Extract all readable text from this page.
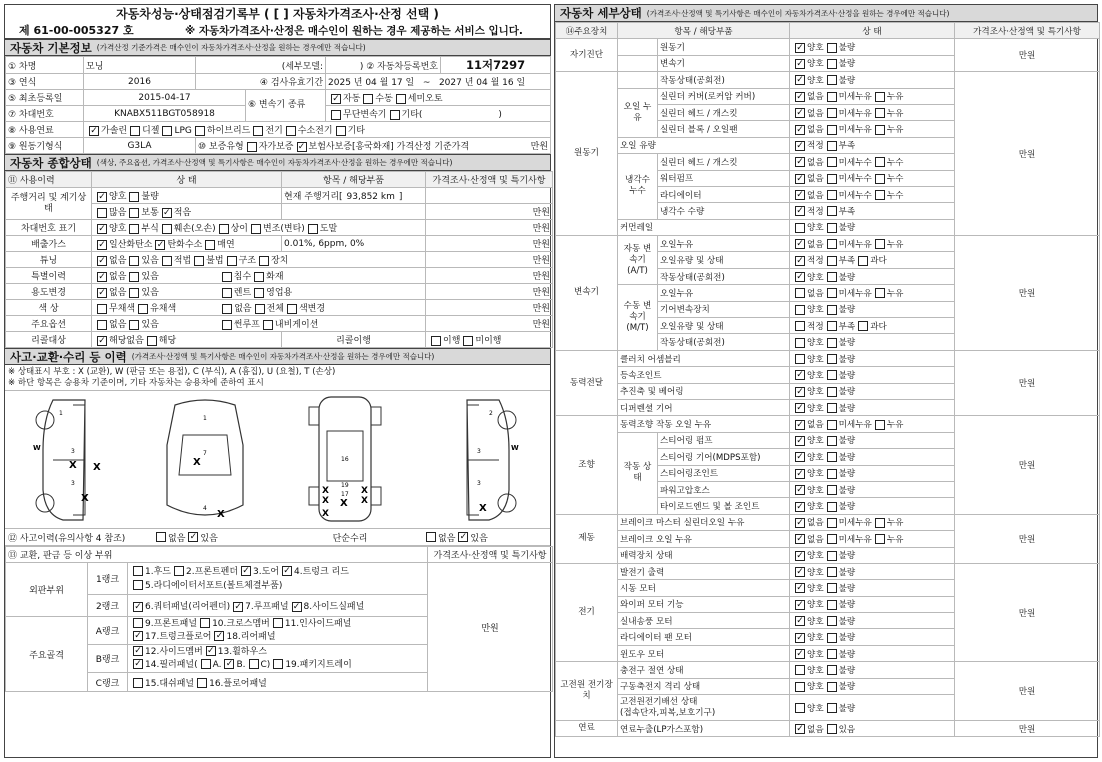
자동차성능·상태점검기록부 ( [ ] 자동차가격조사·산정 선택 )
제 61-00-005327 호	※ 자동차가격조사·산정은 매수인이 원하는 경우 제공하는 서비스 입니다.
자동차 기본정보 (가격산정 기준가격은 매수인이 자동차가격조사·산정을 원하는 경우에만 적습니다)
① 차명	모닝	(세부모델:		) ② 자동차등록번호	11저7297
③ 연식	2016	④ 검사유효기간		2025 년 04 월 17 일 ~ 2027 년 04 월 16 일	
⑤ 최초등록일	2015-04-17		⑥ 변속기 종류	✓ 자동 수동 세미오토	
⑦ 차대번호	KNABX511BGT058918			무단변속기 기타( )	
⑧ 사용연료	✓ 가솔린 디젤 LPG 하이브리드 전기 수소전기 기타				
⑨ 원동기형식	G3LA	⑩ 보증유형 자가보증 ✓ 보험사보증[흥국화재] 가격산정 기준가격 만원			
자동차 종합상태 (색상, 주요옵션, 가격조사·산정액 및 특기사항은 매수인이 자동차가격조사·산정을 원하는 경우에만 적습니다)
⑪ 사용이력	상 태	항목 / 해당부품	가격조사·산정액 및 특기사항
주행거리 및 계기상태	✓ 양호 불량	현재 주행거리[ 93,852 km ]	
	많음 보통 ✓ 적음		만원
차대번호 표기	✓ 양호 부식 훼손(오손) 상이 변조(변타) 도말		만원
배출가스	✓ 일산화탄소 ✓ 탄화수소 매연	0.01%, 6ppm, 0%	만원
튜닝	✓ 없음 있음 적법 불법 구조 장치		만원
특별이력	✓ 없음 있음 침수 화재		만원
용도변경	✓ 없음 있음 렌트 영업용		만원
색 상	무채색 유채색 없음 전체 색변경		만원
주요옵션	없음 있음 썬루프 내비게이션		만원
리콜대상	✓ 해당없음 해당	리콜이행	이행 미이행
사고·교환·수리 등 이력 (가격조사·산정액 및 특기사항은 매수인이 자동차가격조사·산정을 원하는 경우에만 적습니다)
※ 상태표시 부호 : X (교환), W (판금 또는 용접), C (부식), A (흠집), U (요철), T (손상)
※ 하단 항목은 승용차 기준이며, 기타 자동차는 승용차에 준하여 표시
1
3
3
W
X X
X
1
7
4
X
X
16
19
17
X
X
X
X
X
X
2
3
3
W
X
⑫ 사고이력(유의사항 4 참조)	없음 ✓ 있음	단순수리	없음 ✓ 있음
⑬ 교환, 판금 등 이상 부위			가격조사·산정액 및 특기사항
외판부위	1랭크	1.후드 2.프론트펜더 ✓ 3.도어 ✓ 4.트렁크 리드
5.라디에이터서포트(볼트체결부품)	만원
	2랭크	✓ 6.쿼터패널(리어펜더) ✓ 7.루프패널 ✓ 8.사이드실패널	
주요골격	A랭크	9.프론트패널 10.크로스멤버 11.인사이드패널
✓ 17.트렁크플로어 ✓ 18.리어패널	
	B랭크	✓ 12.사이드멤버 ✓ 13.휠하우스
✓ 14.필러패널( A. ✓ B. C) 19.패키지트레이	
	C랭크	15.대쉬패널 16.플로어패널	
자동차 세부상태 (가격조사·산정액 및 특기사항은 매수인이 자동차가격조사·산정을 원하는 경우에만 적습니다)
⑭주요장치	항목 / 해당부품		상 태	가격조사·산정액 및 특기사항
자기진단		원동기	✓ 양호 불량	만원
		변속기	✓ 양호 불량	
원동기		작동상태(공회전)	✓ 양호 불량	만원
	오일 누유	실린더 커버(로커암 커버)	✓ 없음 미세누유 누유	
		실린더 헤드 / 개스킷	✓ 없음 미세누유 누유	
		실린더 블록 / 오일팬	✓ 없음 미세누유 누유	
	오일 유량		✓ 적정 부족	
	냉각수 누수	실린더 헤드 / 개스킷	✓ 없음 미세누수 누수	
		워터펌프	✓ 없음 미세누수 누수	
		라디에이터	✓ 없음 미세누수 누수	
		냉각수 수량	✓ 적정 부족	
	커먼레일		양호 불량	
변속기	자동 변속기 (A/T)	오일누유	✓ 없음 미세누유 누유	만원
		오일유량 및 상태	✓ 적정 부족 과다	
		작동상태(공회전)	✓ 양호 불량	
	수동 변속기 (M/T)	오일누유	없음 미세누유 누유	
		기어변속장치	양호 불량	
		오일유량 및 상태	적정 부족 과다	
		작동상태(공회전)	양호 불량	
동력전달	클러치 어셈블리		양호 불량	만원
	등속조인트		✓ 양호 불량	
	추진축 및 베어링		✓ 양호 불량	
	디퍼렌셜 기어		✓ 양호 불량	
조향	동력조향 작동 오일 누유		✓ 없음 미세누유 누유	만원
	작동 상태	스티어링 펌프	✓ 양호 불량	
		스티어링 기어(MDPS포함)	✓ 양호 불량	
		스티어링조인트	✓ 양호 불량	
		파워고압호스	✓ 양호 불량	
		타이로드엔드 및 볼 조인트	✓ 양호 불량	
제동	브레이크 마스터 실린더오일 누유		✓ 없음 미세누유 누유	만원
	브레이크 오일 누유		✓ 없음 미세누유 누유	
	배력장치 상태		✓ 양호 불량	
전기	발전기 출력		✓ 양호 불량	만원
	시동 모터		✓ 양호 불량	
	와이퍼 모터 기능		✓ 양호 불량	
	실내송풍 모터		✓ 양호 불량	
	라디에이터 팬 모터		✓ 양호 불량	
	윈도우 모터		✓ 양호 불량	
고전원 전기장치	충전구 절연 상태		양호 불량	만원
	구동축전지 격리 상태		양호 불량	
	고전원전기배선 상태
(접속단자,피복,보호기구)		양호 불량	
연료	연료누출(LP가스포함)		✓ 없음 있음	만원
